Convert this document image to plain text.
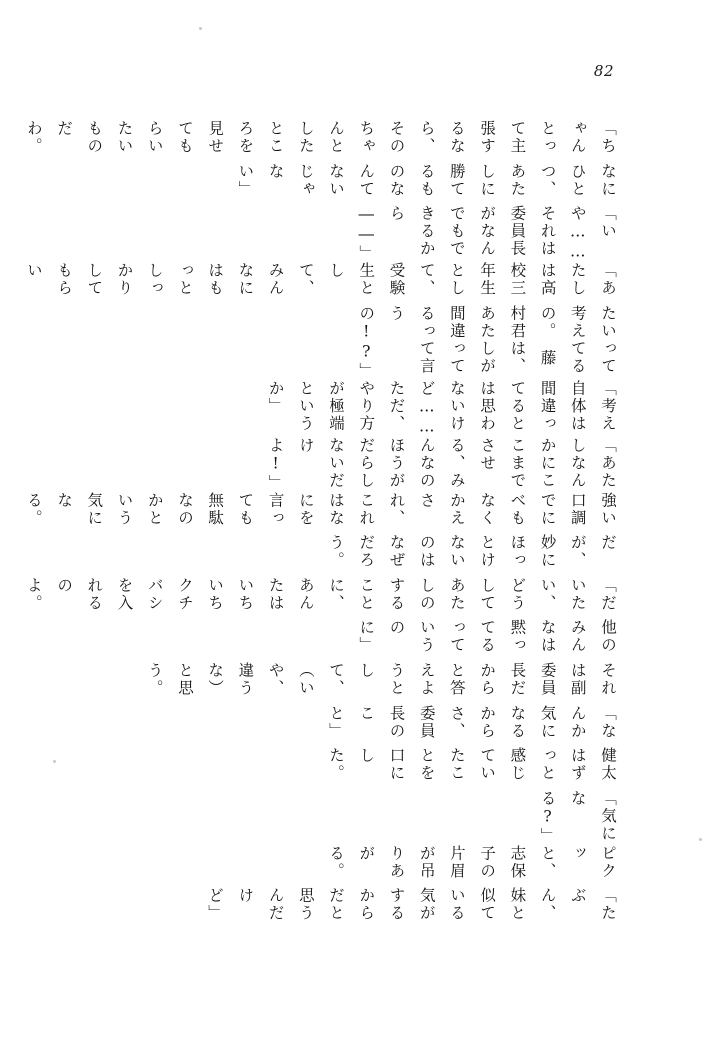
82

「ちゃんとって主張するなら、そのちゃんとしたところを見せてもらいたいものだわ。

なにひとつ、あたしに勝てるものなんてないじゃない」

「いや……それは委員長がなんでもできるから――」

「あたしは高校三年生として、受験生として、みんなにはもっとしっかりしてもらい

たいって考えてるの。　藤村君は、あたしが間違ってるって言うの!?」

「考え自体は間違ってるとは思わないけど……ただ、やり方が極端というか」

「あたしなんかにここまでさせる、みんなのほうがだらしないだけよ!」

強い口調でにべもなくかえされ、これはなにを言っても無駄なのかという気になる。

だが、妙にほっとけないのはなぜだろう。

「だいたい、どうしてあたしのすることに、あんたはいちいちクチバシを入れるのよ。

他のみんなは黙ってるっていうのに」

それは副委員長だからと答えようとして、（いや、違うな）と思う。

「なんか気になるからさ、委員長のこと」

健太はずっと感じていたことを口にした。

「気になる?」

ピクッと、志保子の片眉が吊りあがる。

「たぶん、妹と似ている気がするからだと思うんだけど」
